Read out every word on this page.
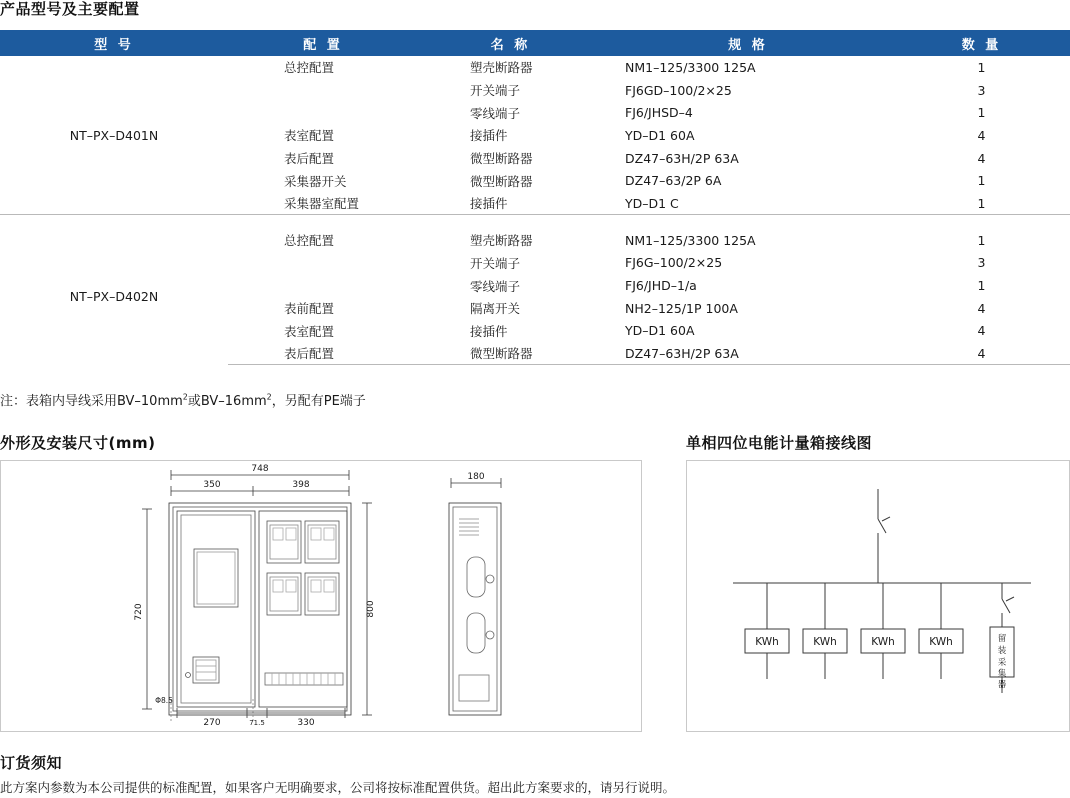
产品型号及主要配置
型 号	配 置	名 称	规 格	数 量
NT–PX–D401N	总控配置	塑壳断路器	NM1–125/3300 125A	1
		开关端子	FJ6GD–100/2×25	3
		零线端子	FJ6/JHSD–4	1
	表室配置	接插件	YD–D1 60A	4
	表后配置	微型断路器	DZ47–63H/2P 63A	4
	采集器开关	微型断路器	DZ47–63/2P 6A	1
	采集器室配置	接插件	YD–D1 C	1

NT–PX–D402N	总控配置	塑壳断路器	NM1–125/3300 125A	1
		开关端子	FJ6G–100/2×25	3
		零线端子	FJ6/JHD–1/a	1
	表前配置	隔离开关	NH2–125/1P 100A	4
	表室配置	接插件	YD–D1 60A	4
	表后配置	微型断路器	DZ47–63H/2P 63A	4
注：表箱内导线采用$BV-10mm^2$或$BV-16mm^2$，另配有PE端子
外形及安装尺寸(mm)	单相四位电能计量箱接线图
350	398
748
180
720	800
270	71.5	330
Φ8.5
KWh	KWh	KWh	KWh	留
装
采
集
器
订货须知
此方案内参数为本公司提供的标准配置，如果客户无明确要求，公司将按标准配置供货。超出此方案要求的，请另行说明。
